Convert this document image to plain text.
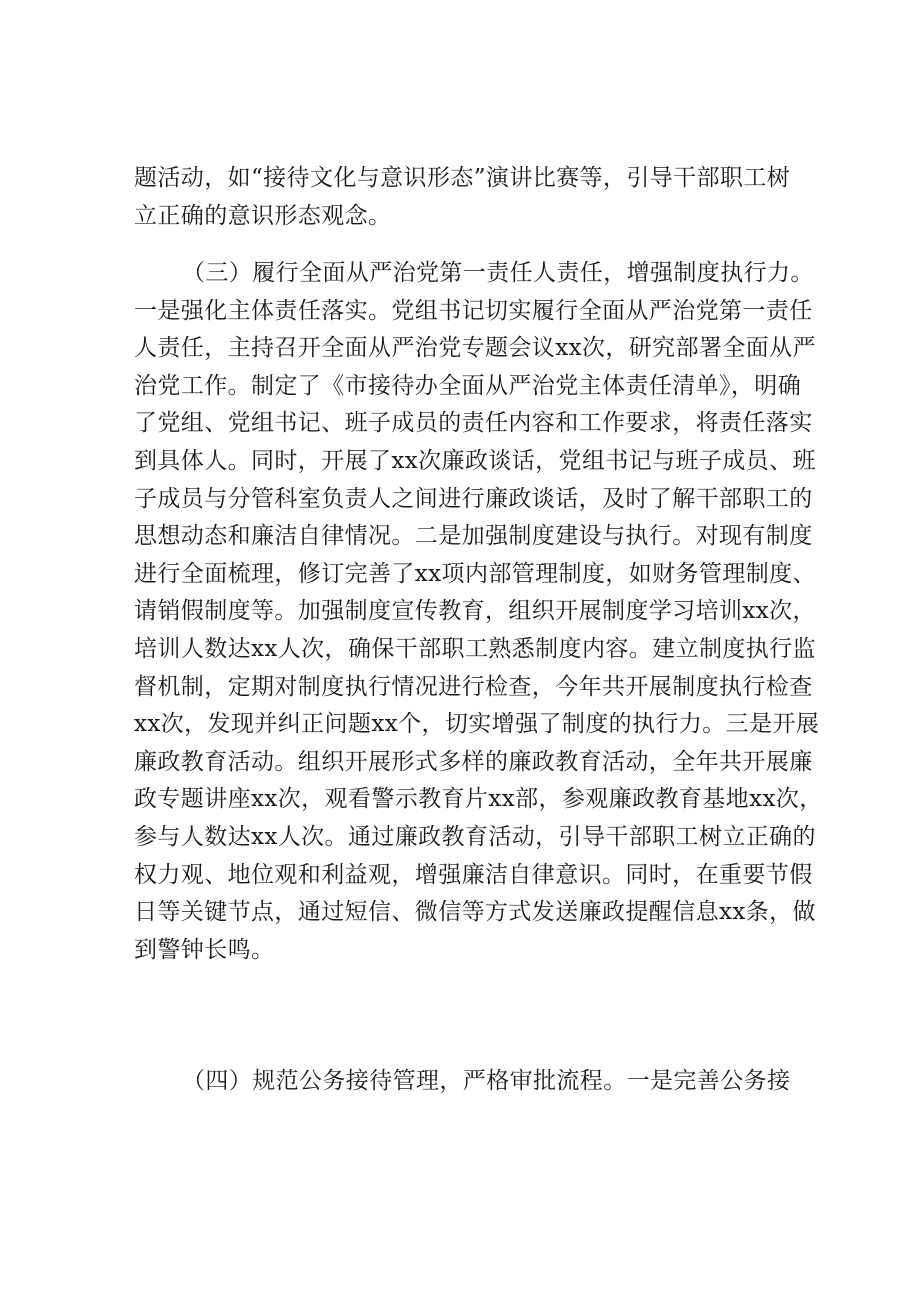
题活动，如“接待文化与意识形态”演讲比赛等，引导干部职工树
立正确的意识形态观念。
（三）履行全面从严治党第一责任人责任，增强制度执行力。
一是强化主体责任落实。党组书记切实履行全面从严治党第一责任
人责任，主持召开全面从严治党专题会议xx次，研究部署全面从严
治党工作。制定了《市接待办全面从严治党主体责任清单》，明确
了党组、党组书记、班子成员的责任内容和工作要求，将责任落实
到具体人。同时，开展了xx次廉政谈话，党组书记与班子成员、班
子成员与分管科室负责人之间进行廉政谈话，及时了解干部职工的
思想动态和廉洁自律情况。二是加强制度建设与执行。对现有制度
进行全面梳理，修订完善了xx项内部管理制度，如财务管理制度、
请销假制度等。加强制度宣传教育，组织开展制度学习培训xx次，
培训人数达xx人次，确保干部职工熟悉制度内容。建立制度执行监
督机制，定期对制度执行情况进行检查，今年共开展制度执行检查
xx次，发现并纠正问题xx个，切实增强了制度的执行力。三是开展
廉政教育活动。组织开展形式多样的廉政教育活动，全年共开展廉
政专题讲座xx次，观看警示教育片xx部，参观廉政教育基地xx次，
参与人数达xx人次。通过廉政教育活动，引导干部职工树立正确的
权力观、地位观和利益观，增强廉洁自律意识。同时，在重要节假
日等关键节点，通过短信、微信等方式发送廉政提醒信息xx条，做
到警钟长鸣。
（四）规范公务接待管理，严格审批流程。一是完善公务接
